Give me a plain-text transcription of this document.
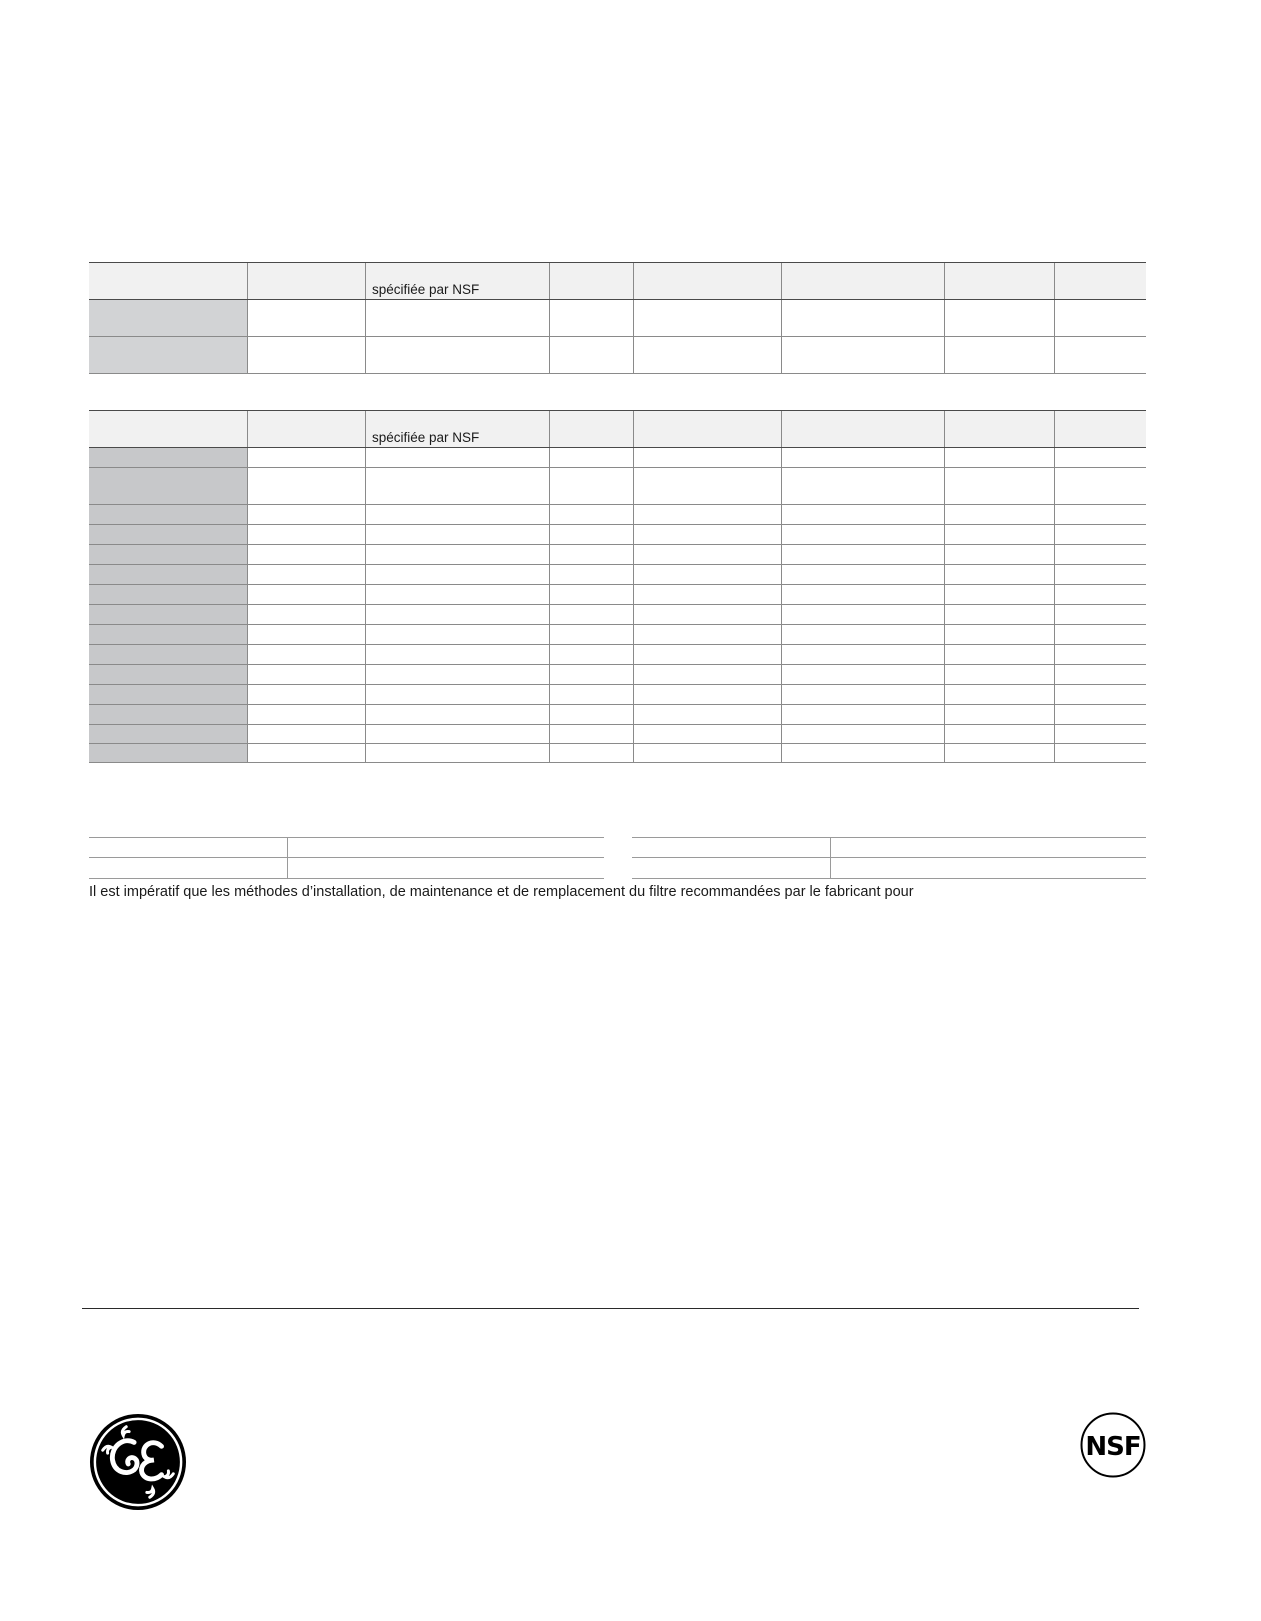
spécifiée par NSF
spécifiée par NSF
Il est impératif que les méthodes d’installation, de maintenance et de remplacement du filtre recommandées par le fabricant pour
NSF
